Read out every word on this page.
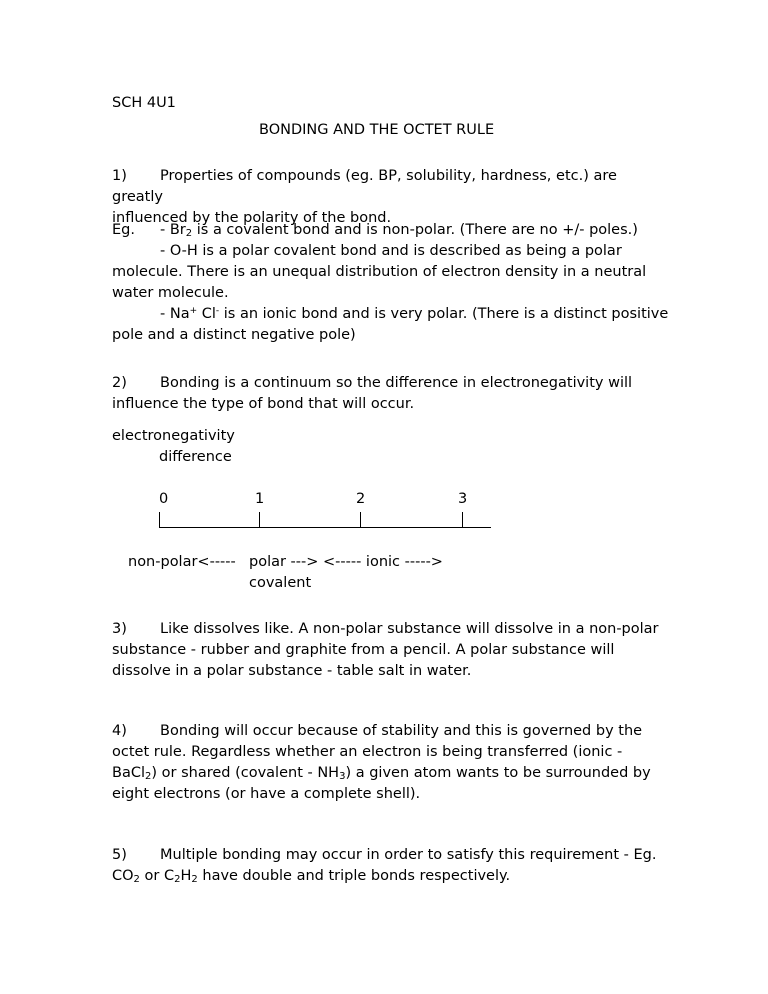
SCH 4U1
BONDING AND THE OCTET RULE
1) Properties of compounds (eg. BP, solubility, hardness, etc.) are greatly
influenced by the polarity of the bond.
Eg. - $Br_2$ is a covalent bond and is non-polar. (There are no +/- poles.)
- O-H is a polar covalent bond and is described as being a polar
molecule. There is an unequal distribution of electron density in a neutral
water molecule.
- Na+ Cl- is an ionic bond and is very polar. (There is a distinct positive
pole and a distinct negative pole)
2) Bonding is a continuum so the difference in electronegativity will
influence the type of bond that will occur.
electronegativity
difference
0	1	2	3
non-polar<----- polar ---> <----- ionic ----->
covalent
3) Like dissolves like. A non-polar substance will dissolve in a non-polar
substance - rubber and graphite from a pencil. A polar substance will
dissolve in a polar substance - table salt in water.
4) Bonding will occur because of stability and this is governed by the
octet rule. Regardless whether an electron is being transferred (ionic -
BaCl$_2$) or shared (covalent - $NH_3$) a given atom wants to be surrounded by
eight electrons (or have a complete shell).
5) Multiple bonding may occur in order to satisfy this requirement - Eg.
$CO_2$ or $C_2H_2$ have double and triple bonds respectively.
